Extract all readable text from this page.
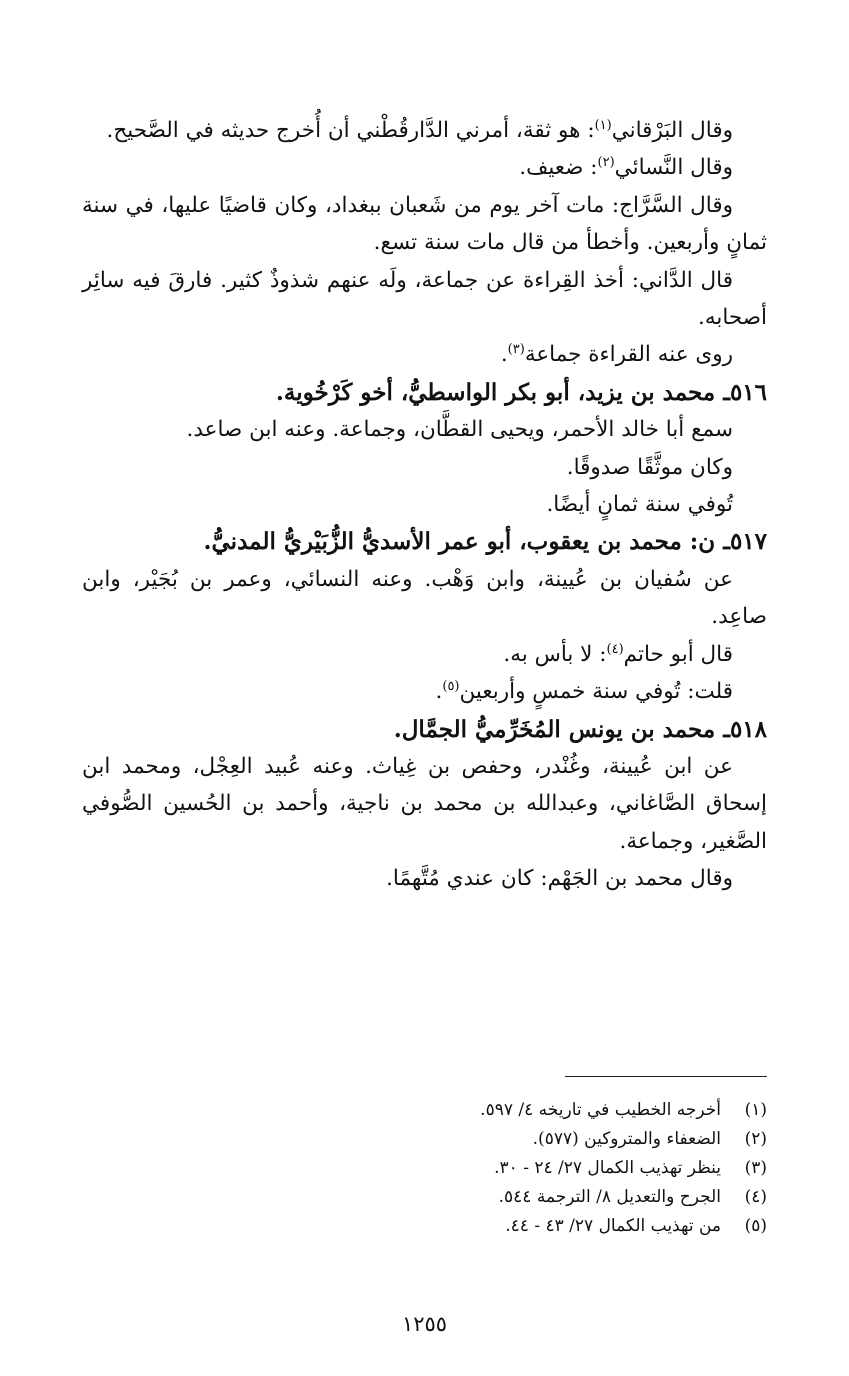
وقال البَرْقاني$^{(١)}$: هو ثقة، أمرني الدَّارقُطْني أن أُخرج حديثه في الصَّحيح.

وقال النَّسائي$^{(٢)}$: ضعيف.

وقال السَّرَّاج: مات آخر يوم من شَعبان ببغداد، وكان قاضيًا عليها، في سنة ثمانٍ وأربعين. وأخطأ من قال مات سنة تسع.

قال الدَّاني: أخذ القِراءة عن جماعة، ولَه عنهم شذوذٌ كثير. فارقَ فيه سائِر أصحابه.

روى عنه القراءة جماعة$^{(٣)}$.

٥١٦ـ محمد بن يزيد، أبو بكر الواسطيُّ، أخو كَرْخُوية.

سمع أبا خالد الأحمر، ويحيى القطَّان، وجماعة. وعنه ابن صاعد.

وكان موثَّقًا صدوقًا.

تُوفي سنة ثمانٍ أيضًا.

٥١٧ـ ن: محمد بن يعقوب، أبو عمر الأسديُّ الزُّبَيْريُّ المدنيُّ.

عن سُفيان بن عُيينة، وابن وَهْب. وعنه النسائي، وعمر بن بُجَيْر، وابن صاعِد.

قال أبو حاتم$^{(٤)}$: لا بأس به.

قلت: تُوفي سنة خمسٍ وأربعين$^{(٥)}$.

٥١٨ـ محمد بن يونس المُخَرِّميُّ الجمَّال.

عن ابن عُيينة، وغُنْدر، وحفص بن غِياث. وعنه عُبيد العِجْل، ومحمد ابن إسحاق الصَّاغاني، وعبدالله بن محمد بن ناجية، وأحمد بن الحُسين الصُّوفي الصَّغير، وجماعة.

وقال محمد بن الجَهْم: كان عندي مُتَّهمًا.

(١)
أخرجه الخطيب في تاريخه ٤/ ٥٩٧.
(٢)
الضعفاء والمتروكين (٥٧٧).
(٣)
ينظر تهذيب الكمال ٢٧/ ٢٤ - ٣٠.
(٤)
الجرح والتعديل ٨/ الترجمة ٥٤٤.
(٥)
من تهذيب الكمال ٢٧/ ٤٣ - ٤٤.
١٢٥٥
